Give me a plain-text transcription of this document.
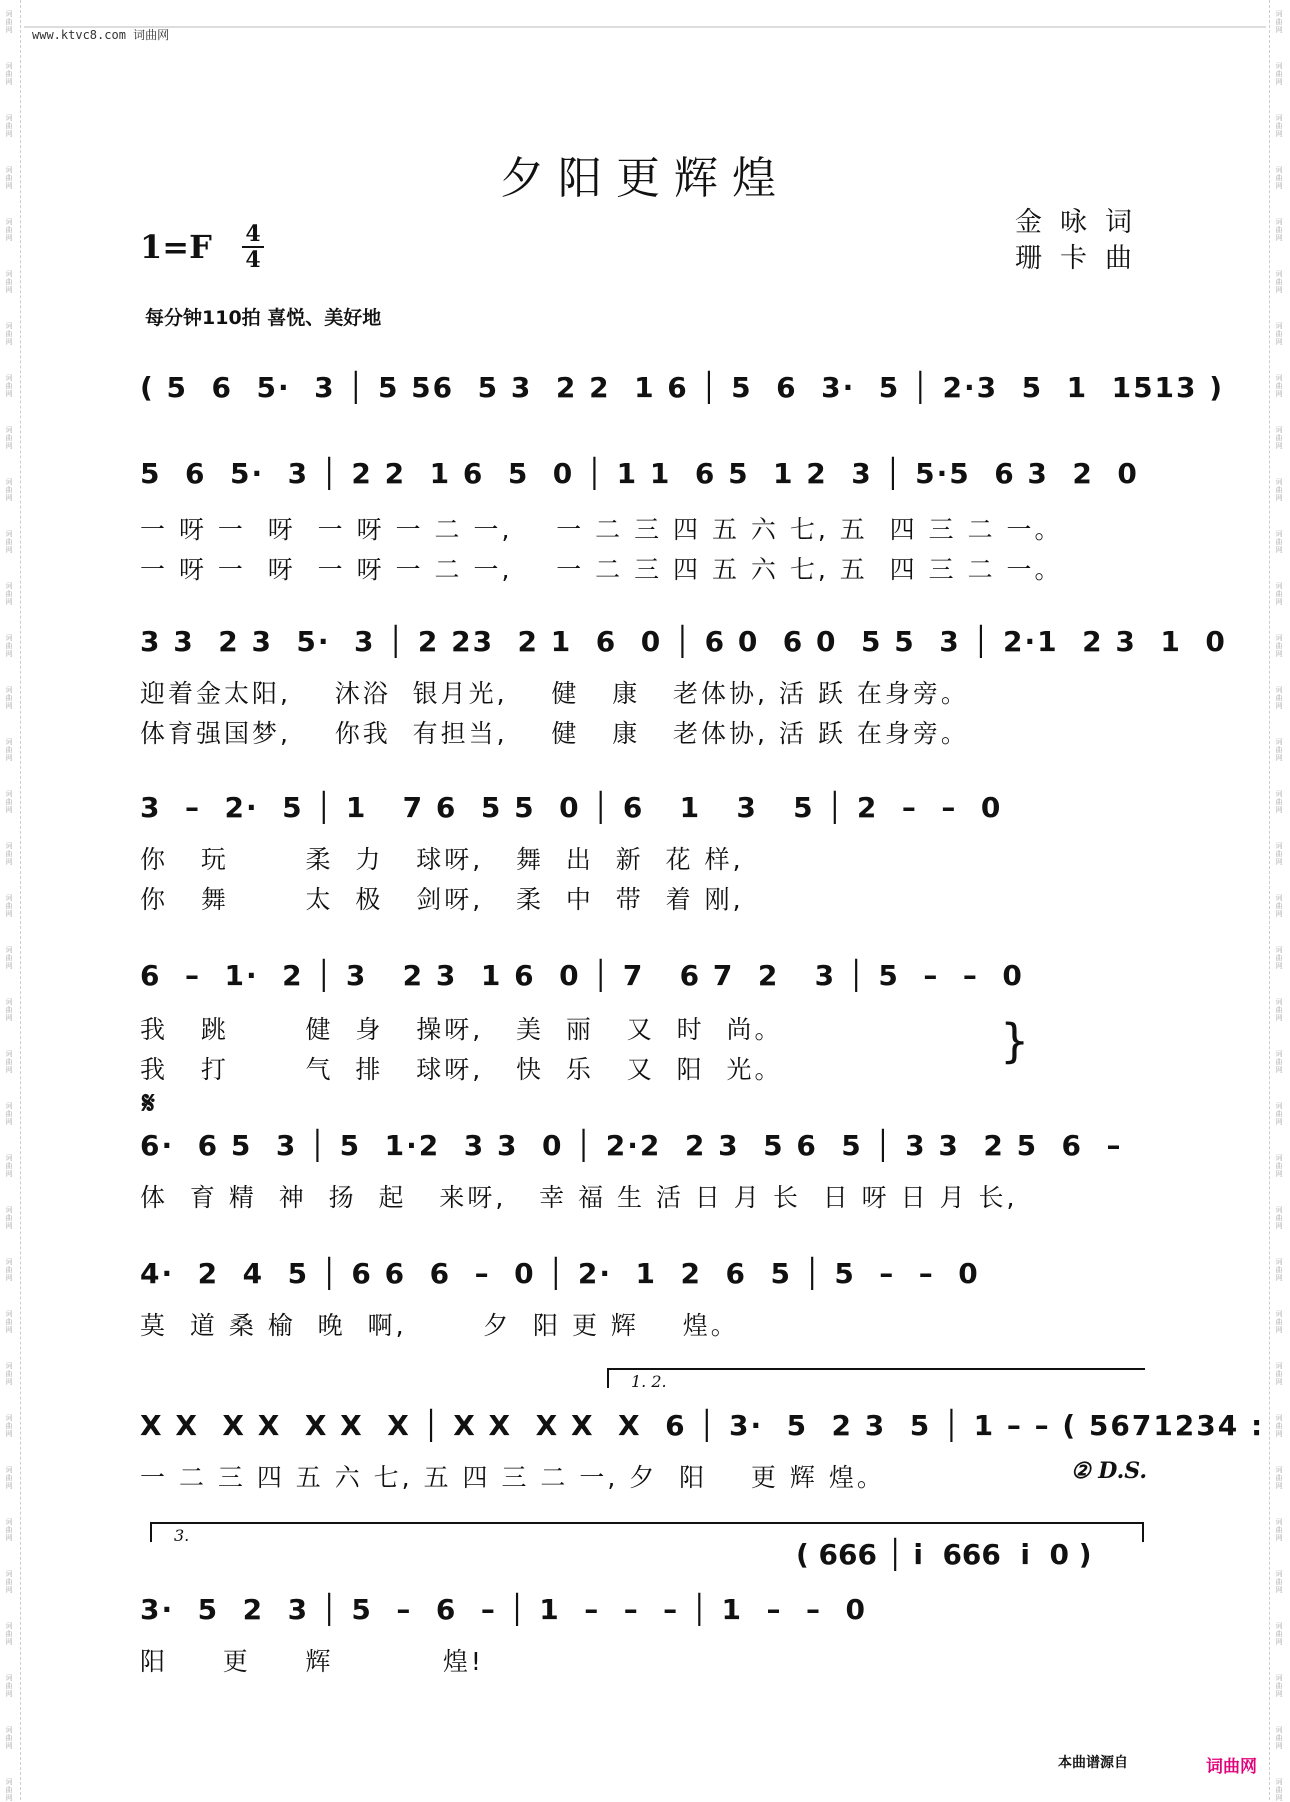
词
曲
网
词
曲
网
词
曲
网
词
曲
网
词
曲
网
词
曲
网
词
曲
网
词
曲
网
词
曲
网
词
曲
网
词
曲
网
词
曲
网
词
曲
网
词
曲
网
词
曲
网
词
曲
网
词
曲
网
词
曲
网
词
曲
网
词
曲
网
词
曲
网
词
曲
网
词
曲
网
词
曲
网
词
曲
网
词
曲
网
词
曲
网
词
曲
网
词
曲
网
词
曲
网
词
曲
网
词
曲
网
词
曲
网
词
曲
网
词
曲
网
词
曲
网
词
曲
网
词
曲
网
词
曲
网
词
曲
网
词
曲
网
词
曲
网
词
曲
网
词
曲
网
词
曲
网
词
曲
网
词
曲
网
词
曲
网
词
曲
网
词
曲
网
词
曲
网
词
曲
网
词
曲
网
词
曲
网
词
曲
网
词
曲
网
词
曲
网
词
曲
网
词
曲
网
词
曲
网
词
曲
网
词
曲
网
词
曲
网
词
曲
网
词
曲
网
词
曲
网
词
曲
网
词
曲
网
词
曲
网
词
曲
网
www.ktvc8.com 词曲网
夕阳更辉煌
1=F 4
4
金咏词
珊卡曲
每分钟110拍 喜悦、美好地

( 5  6  5·  3 │ 5 56  5 3  2 2  1 6 │ 5  6  3·  5 │ 2·3  5  1  1513 )

5  6  5·  3 │ 2 2  1 6  5  0 │ 1 1  6 5  1 2  3 │ 5·5  6 3  2  0

一 呀 一  呀  一 呀 一 二 一,    一 二 三 四 五 六 七, 五  四 三 二 一。
一 呀 一  呀  一 呀 一 二 一,    一 二 三 四 五 六 七, 五  四 三 二 一。

3 3  2 3  5·  3 │ 2 23  2 1  6  0 │ 6 0  6 0  5 5  3 │ 2·1  2 3  1  0

迎着金太阳,    沐浴  银月光,    健   康   老体协, 活 跃 在身旁。
体育强国梦,    你我  有担当,    健   康   老体协, 活 跃 在身旁。

3  –  2·  5 │ 1   7 6  5 5  0 │ 6   1   3   5 │ 2  –  –  0

你   玩       柔  力   球呀,   舞  出  新  花 样,
你   舞       太  极   剑呀,   柔  中  带  着 刚,

6  –  1·  2 │ 3   2 3  1 6  0 │ 7   6 7  2   3 │ 5  –  –  0

我   跳       健  身   操呀,   美  丽   又  时  尚。
我   打       气  排   球呀,   快  乐   又  阳  光。
}
𝄋

6·  6 5  3 │ 5  1·2  3 3  0 │ 2·2  2 3  5 6  5 │ 3 3  2 5  6  –

体  育 精  神  扬  起   来呀,   幸 福 生 活 日 月 长  日 呀 日 月 长,

4·  2  4  5 │ 6 6  6  –  0 │ 2·  1  2  6  5 │ 5  –  –  0

莫  道 桑 榆  晚  啊,       夕  阳 更 辉    煌。
1. 2.

X X  X X  X X  X │ X X  X X  X  6 │ 3·  5  2 3  5 │ 1 – – ( 5671234 :

一 二 三 四 五 六 七, 五 四 三 二 一, 夕  阳    更 辉 煌。	② D.S.
3.
( 666 │ i  666  i  0 )

3·  5  2  3 │ 5  –  6  – │ 1  –  –  – │ 1  –  –  0

阳     更     辉          煌!
本曲谱源自	词曲网
